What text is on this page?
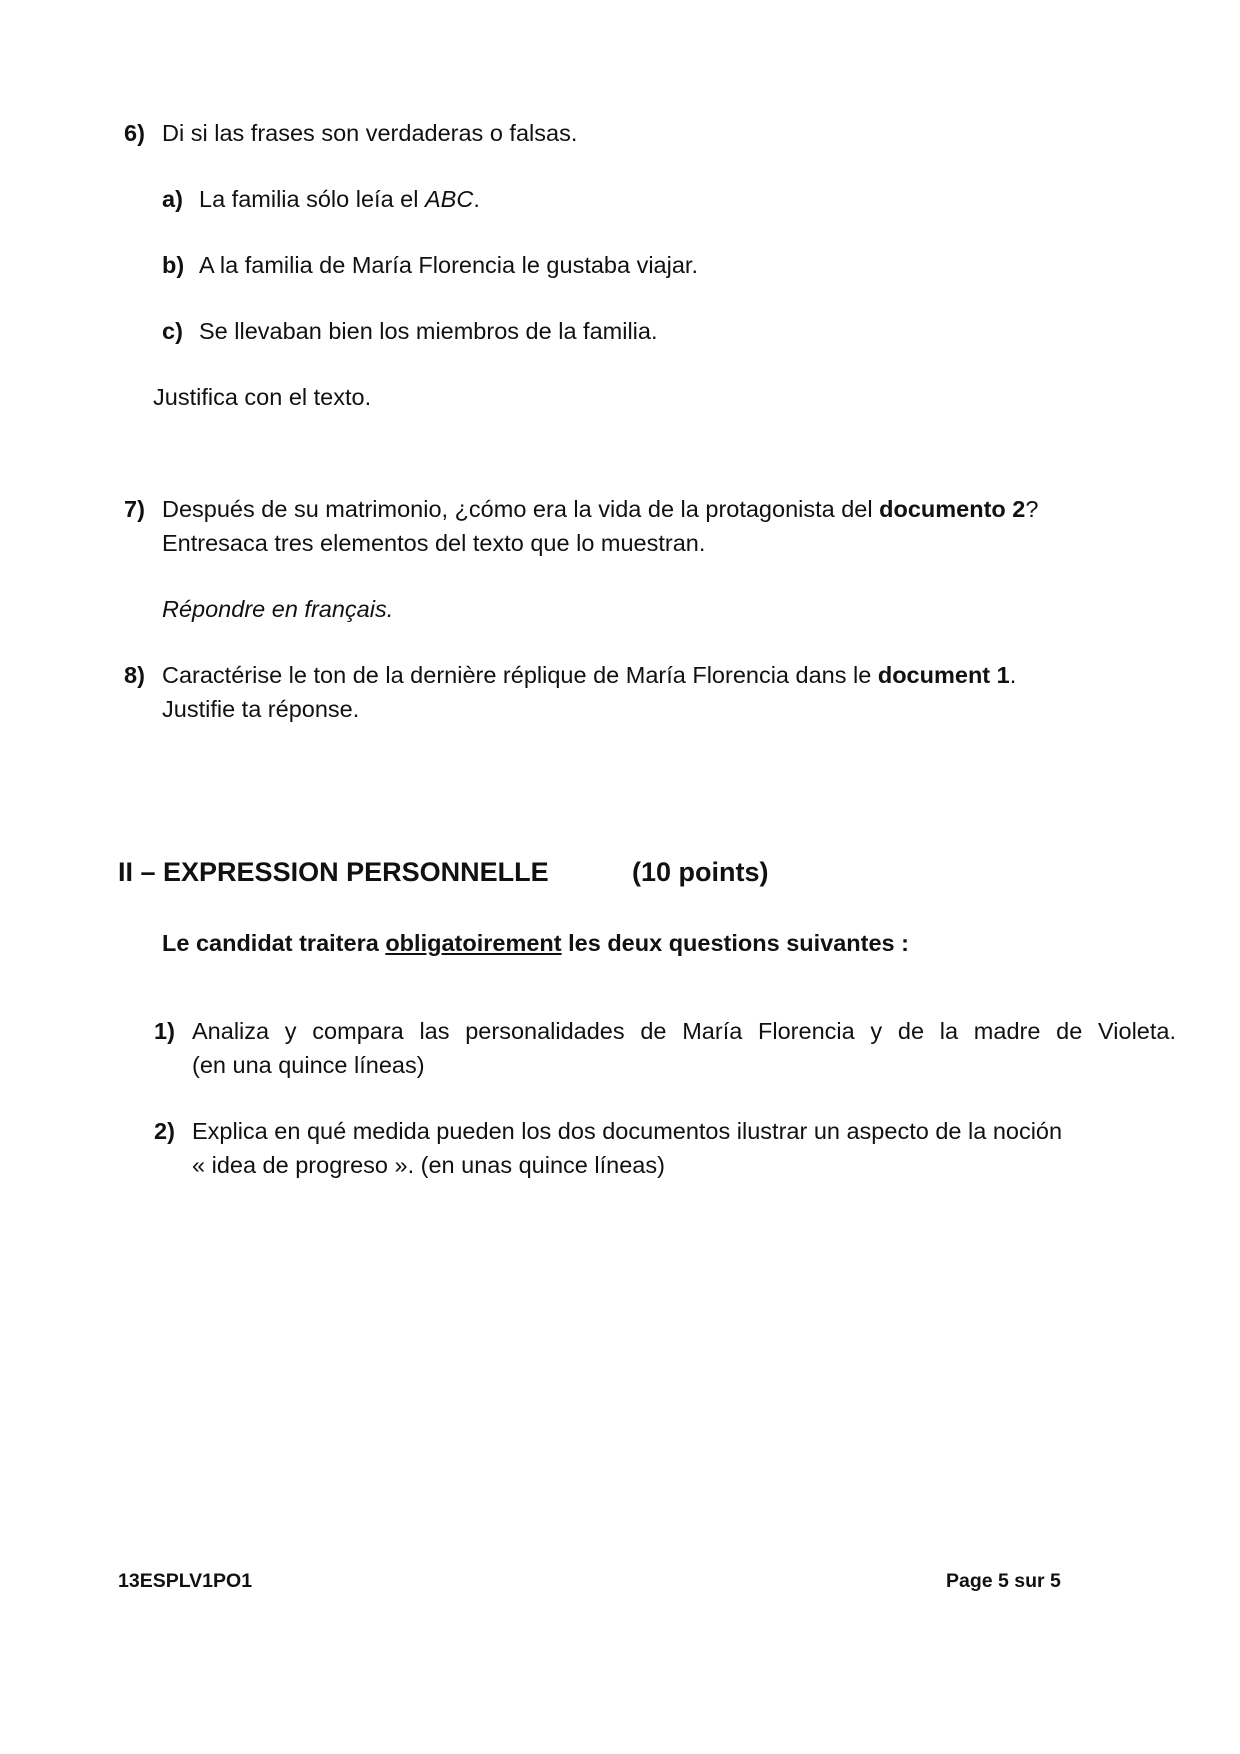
6) Di si las frases son verdaderas o falsas.
a) La familia sólo leía el ABC.
b) A la familia de María Florencia le gustaba viajar.
c) Se llevaban bien los miembros de la familia.
Justifica con el texto.
7) Después de su matrimonio, ¿cómo era la vida de la protagonista del documento 2?
Entresaca tres elementos del texto que lo muestran.
Répondre en français.
8) Caractérise le ton de la dernière réplique de María Florencia dans le document 1.
Justifie ta réponse.
II – EXPRESSION PERSONNELLE	(10 points)
Le candidat traitera obligatoirement les deux questions suivantes :
1) Analiza y compara las personalidades de María Florencia y de la madre de Violeta.
(en una quince líneas)
2) Explica en qué medida pueden los dos documentos ilustrar un aspecto de la noción
« idea de progreso ». (en unas quince líneas)
13ESPLV1PO1	Page 5 sur 5
